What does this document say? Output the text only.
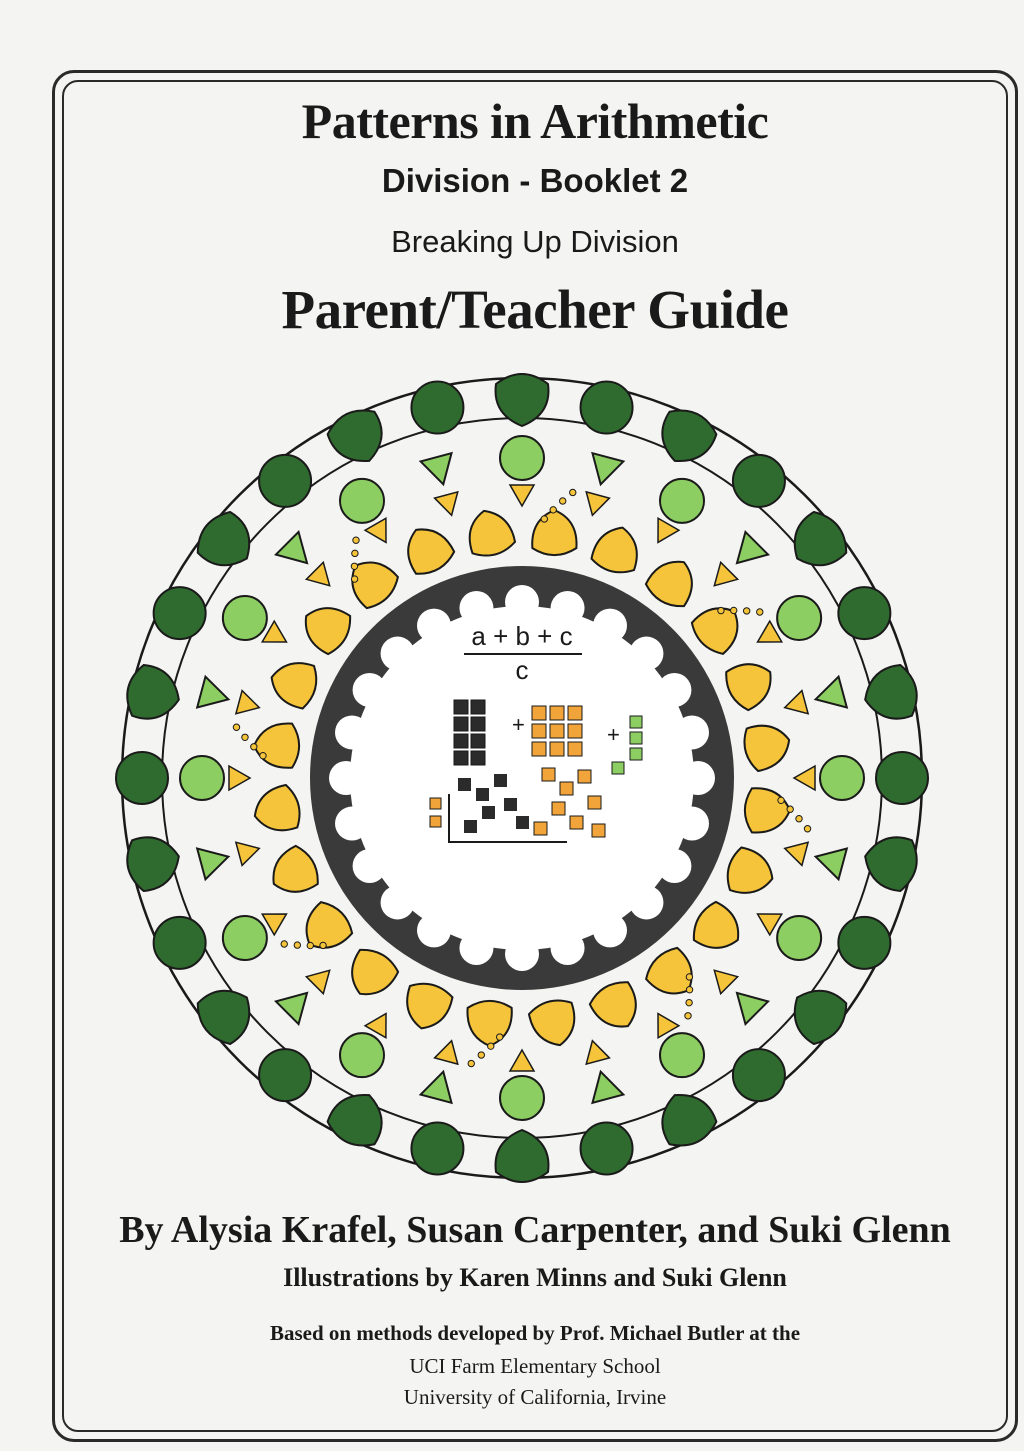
Patterns in Arithmetic
Division - Booklet 2
Breaking Up Division
Parent/Teacher Guide
a + b + c
c
+	+
By Alysia Krafel, Susan Carpenter, and Suki Glenn
Illustrations by Karen Minns and Suki Glenn
Based on methods developed by Prof. Michael Butler at the
UCI Farm Elementary School
University of California, Irvine
